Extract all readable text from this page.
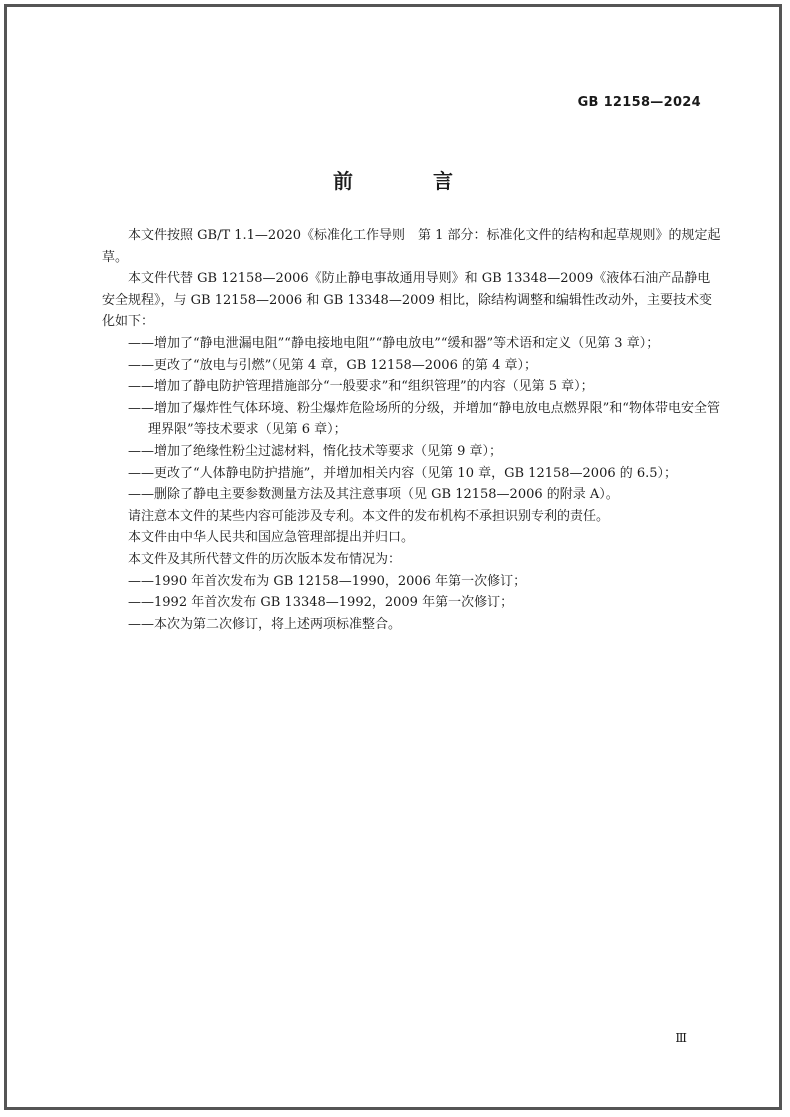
GB 12158—2024
前　言

本文件按照 GB/T 1.1—2020《标准化工作导则　第 1 部分：标准化文件的结构和起草规则》的规定起草。

本文件代替 GB 12158—2006《防止静电事故通用导则》和 GB 13348—2009《液体石油产品静电安全规程》，与 GB 12158—2006 和 GB 13348—2009 相比，除结构调整和编辑性改动外，主要技术变化如下：

——增加了“静电泄漏电阻”“静电接地电阻”“静电放电”“缓和器”等术语和定义（见第 3 章）；

——更改了“放电与引燃”（见第 4 章，GB 12158—2006 的第 4 章）；

——增加了静电防护管理措施部分“一般要求”和“组织管理”的内容（见第 5 章）；

——增加了爆炸性气体环境、粉尘爆炸危险场所的分级，并增加“静电放电点燃界限”和“物体带电安全管理界限”等技术要求（见第 6 章）；

——增加了绝缘性粉尘过滤材料，惰化技术等要求（见第 9 章）；

——更改了“人体静电防护措施”，并增加相关内容（见第 10 章，GB 12158—2006 的 6.5）；

——删除了静电主要参数测量方法及其注意事项（见 GB 12158—2006 的附录 A）。

请注意本文件的某些内容可能涉及专利。本文件的发布机构不承担识别专利的责任。

本文件由中华人民共和国应急管理部提出并归口。

本文件及其所代替文件的历次版本发布情况为：

——1990 年首次发布为 GB 12158—1990，2006 年第一次修订；

——1992 年首次发布 GB 13348—1992，2009 年第一次修订；

——本次为第二次修订，将上述两项标准整合。

Ⅲ
